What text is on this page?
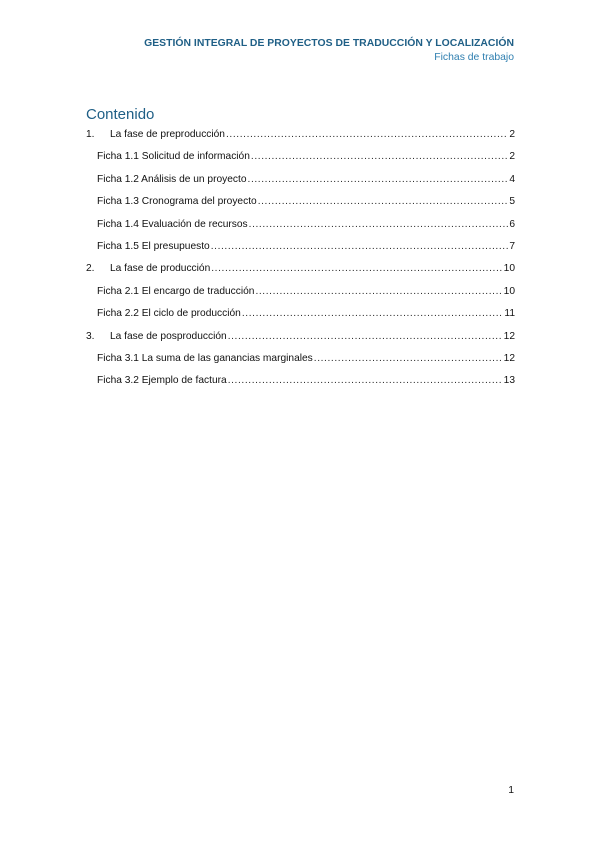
GESTIÓN INTEGRAL DE PROYECTOS DE TRADUCCIÓN Y LOCALIZACIÓN
Fichas de trabajo
Contenido
1.	La fase de preproducción .....	2
Ficha 1.1 Solicitud de información .....	2
Ficha 1.2 Análisis de un proyecto .....	4
Ficha 1.3 Cronograma del proyecto .....	5
Ficha 1.4 Evaluación de recursos .....	6
Ficha 1.5 El presupuesto .....	7
2.	La fase de producción .....	10
Ficha 2.1 El encargo de traducción .....	10
Ficha 2.2 El ciclo de producción .....	11
3.	La fase de posproducción .....	12
Ficha 3.1 La suma de las ganancias marginales .....	12
Ficha 3.2 Ejemplo de factura .....	13
1
